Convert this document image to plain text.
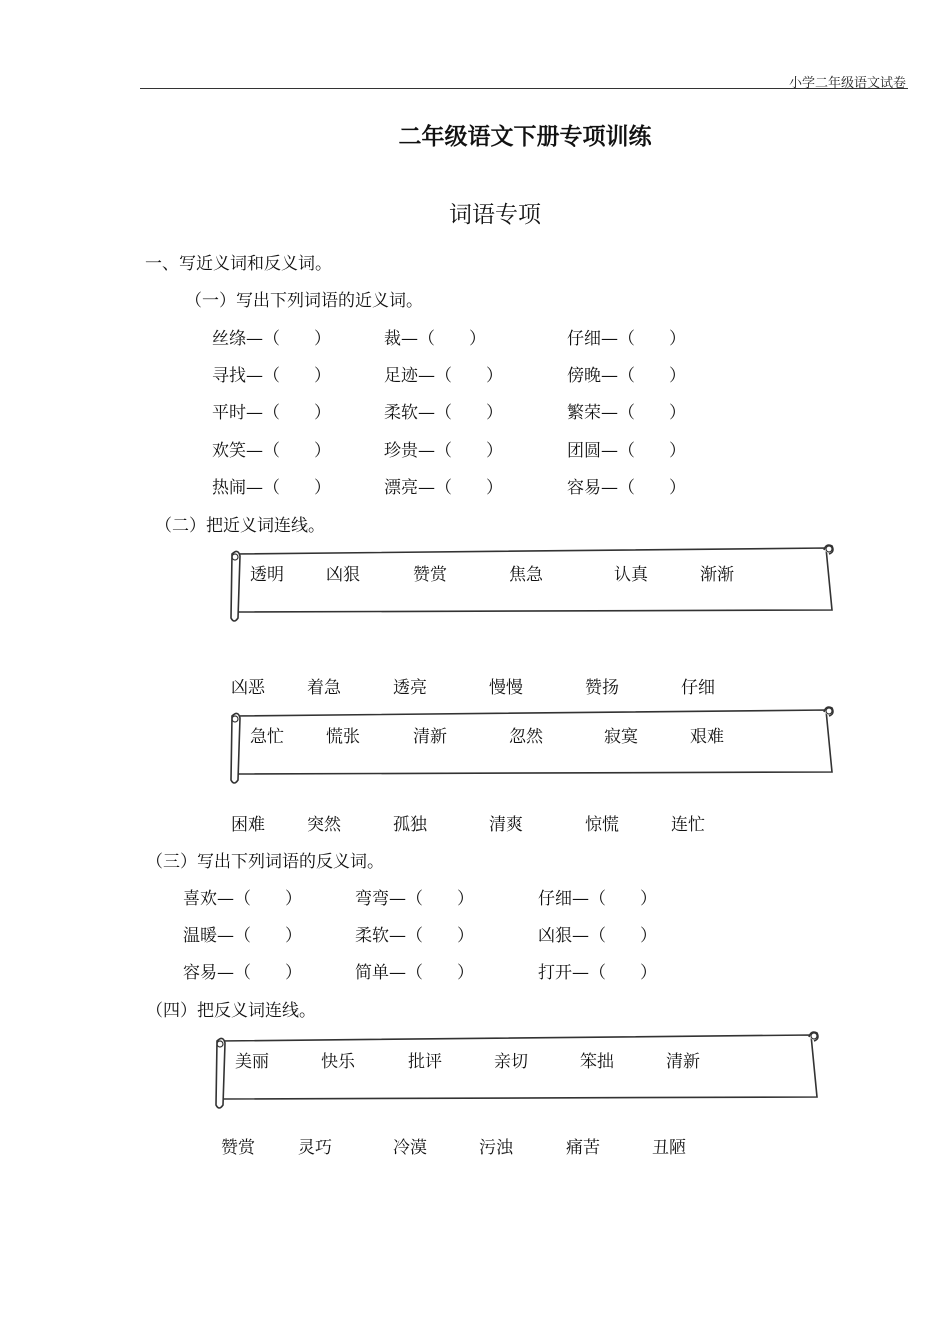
小学二年级语文试卷
二年级语文下册专项训练
词语专项
一、写近义词和反义词。
（一）写出下列词语的近义词。
丝绦—（　　）	裁—（　　）	仔细—（　　）
寻找—（　　）	足迹—（　　）	傍晚—（　　）
平时—（　　）	柔软—（　　）	繁荣—（　　）
欢笑—（　　）	珍贵—（　　）	团圆—（　　）
热闹—（　　）	漂亮—（　　）	容易—（　　）
（二）把近义词连线。
透明 凶狠	赞赏	焦急	认真	渐渐
凶恶 着急	透亮	慢慢	赞扬	仔细
急忙 慌张	清新	忽然	寂寞	艰难
困难 突然	孤独	清爽	惊慌	连忙
（三）写出下列词语的反义词。
喜欢—（　　）	弯弯—（　　）	仔细—（　　）
温暖—（　　）	柔软—（　　）	凶狠—（　　）
容易—（　　）	简单—（　　）	打开—（　　）
（四）把反义词连线。
美丽	快乐	批评	亲切	笨拙	清新
赞赏	灵巧	冷漠	污浊	痛苦	丑陋
